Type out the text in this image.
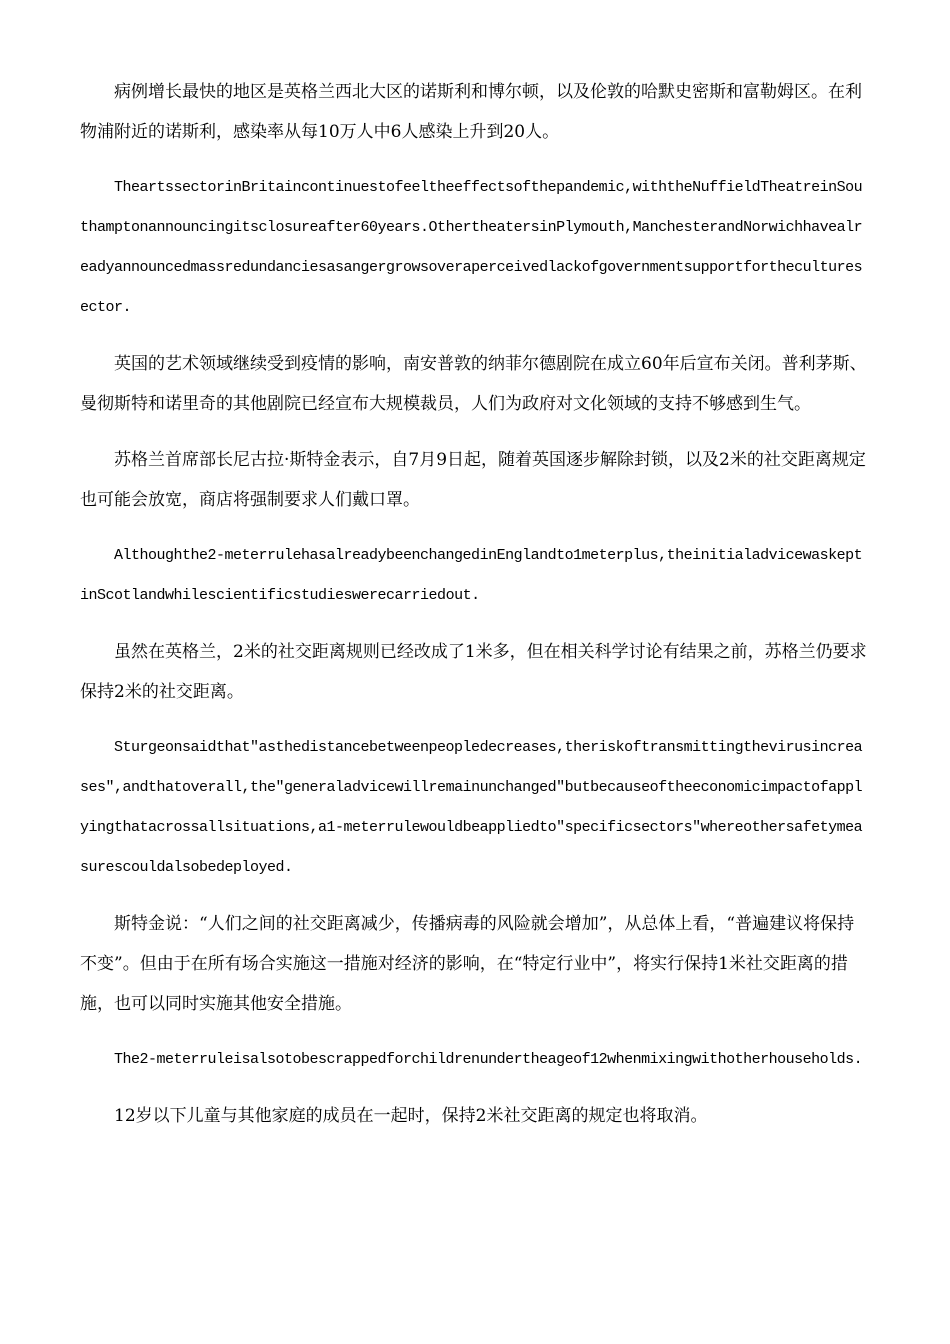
病例增长最快的地区是英格兰西北大区的诺斯利和博尔顿，以及伦敦的哈默史密斯和富勒姆区。在利物浦附近的诺斯利，感染率从每10万人中6人感染上升到20人。

TheartssectorinBritaincontinuestofeeltheeffectsofthepandemic,withtheNuffieldTheatreinSouthamptonannouncingitsclosureafter60years.OthertheatersinPlymouth,ManchesterandNorwichhavealreadyannouncedmassredundanciesasangergrowsoveraperceivedlackofgovernmentsupportforthecultureseсtor.

英国的艺术领域继续受到疫情的影响，南安普敦的纳菲尔德剧院在成立60年后宣布关闭。普利茅斯、曼彻斯特和诺里奇的其他剧院已经宣布大规模裁员，人们为政府对文化领域的支持不够感到生气。

苏格兰首席部长尼古拉·斯特金表示，自7月9日起，随着英国逐步解除封锁，以及2米的社交距离规定也可能会放宽，商店将强制要求人们戴口罩。

Althoughthe2-meterrulehasalreadybeenchangedinEnglandto1meterplus,theinitialadvicewaskeptinScotlandwhilescientificstudieswerecarriedout.

虽然在英格兰，2米的社交距离规则已经改成了1米多，但在相关科学讨论有结果之前，苏格兰仍要求保持2米的社交距离。

Sturgeonsaidthat"asthedistancebetweenpeopledecreases,theriskoftransmittingthevirusincreases",andthatoverall,the"generaladvicewillremainunchanged"butbecauseoftheeconomicimpactofapplyingthatacrossallsituations,a1-meterrulewouldbeappliedto"specificsectors"whereothersafetymeasurescouldalsobedeployed.

斯特金说：“人们之间的社交距离减少，传播病毒的风险就会增加”，从总体上看，“普遍建议将保持不变”。但由于在所有场合实施这一措施对经济的影响，在“特定行业中”，将实行保持1米社交距离的措施，也可以同时实施其他安全措施。

The2-meterruleisalsotobescrappedforchildrenundertheageof12whenmixingwithotherhouseholds.

12岁以下儿童与其他家庭的成员在一起时，保持2米社交距离的规定也将取消。
